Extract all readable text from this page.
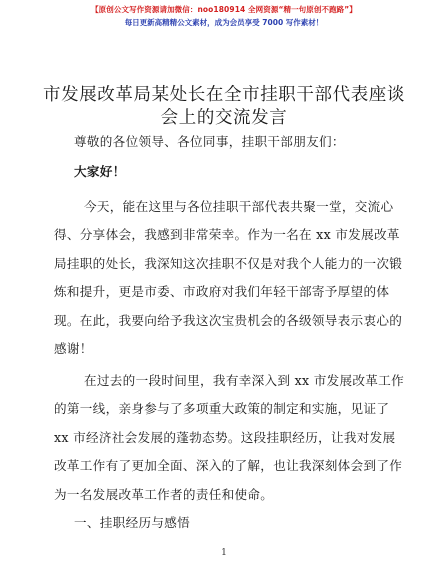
【原创公文写作资源请加微信：noo180914 全网资源“精一句原创不跑路”】
每日更新高精精公文素材，成为会员享受 7000 写作素材！
市发展改革局某处长在全市挂职干部代表座谈
会上的交流发言
尊敬的各位领导、各位同事，挂职干部朋友们：
大家好！
今天，能在这里与各位挂职干部代表共聚一堂，交流心
得、分享体会，我感到非常荣幸。作为一名在 xx 市发展改革
局挂职的处长，我深知这次挂职不仅是对我个人能力的一次锻
炼和提升，更是市委、市政府对我们年轻干部寄予厚望的体
现。在此，我要向给予我这次宝贵机会的各级领导表示衷心的
感谢！
在过去的一段时间里，我有幸深入到 xx 市发展改革工作
的第一线，亲身参与了多项重大政策的制定和实施，见证了
xx 市经济社会发展的蓬勃态势。这段挂职经历，让我对发展
改革工作有了更加全面、深入的了解，也让我深刻体会到了作
为一名发展改革工作者的责任和使命。
一、挂职经历与感悟
1
